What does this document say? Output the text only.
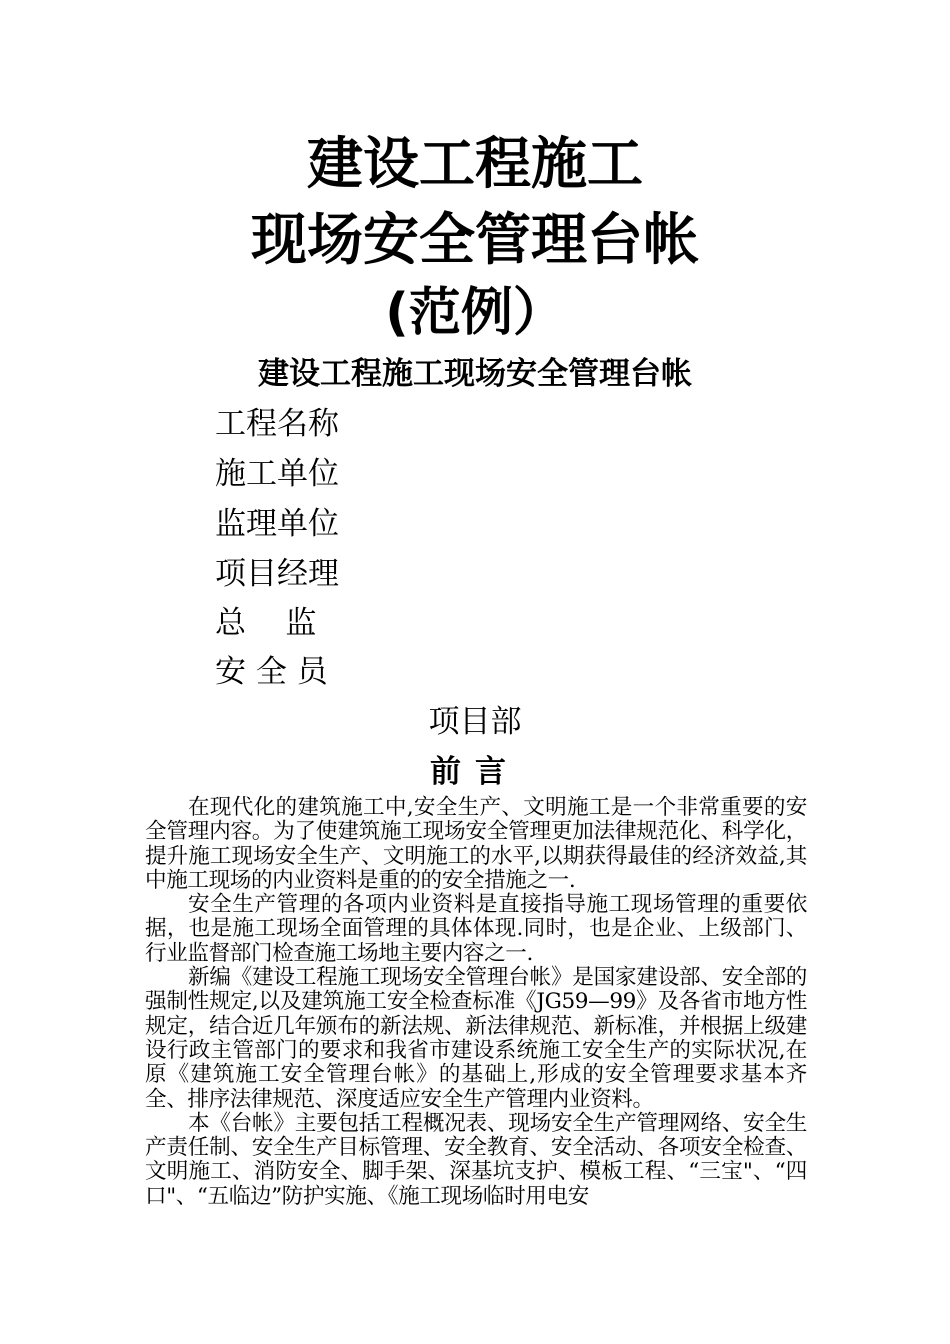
建设工程施工
现场安全管理台帐
(范例）
建设工程施工现场安全管理台帐
工程名称
施工单位
监理单位
项目经理
总    监
安 全 员
项目部
前言

在现代化的建筑施工中,安全生产、文明施工是一个非常重要的安全管理内容。为了使建筑施工现场安全管理更加法律规范化、科学化，提升施工现场安全生产、文明施工的水平,以期获得最佳的经济效益,其中施工现场的内业资料是重的的安全措施之一.

安全生产管理的各项内业资料是直接指导施工现场管理的重要依据，也是施工现场全面管理的具体体现.同时，也是企业、上级部门、行业监督部门检查施工场地主要内容之一.

新编《建设工程施工现场安全管理台帐》是国家建设部、安全部的强制性规定,以及建筑施工安全检查标准《JG59—99》及各省市地方性规定，结合近几年颁布的新法规、新法律规范、新标准，并根据上级建设行政主管部门的要求和我省市建设系统施工安全生产的实际状况,在原《建筑施工安全管理台帐》的基础上,形成的安全管理要求基本齐全、排序法律规范、深度适应安全生产管理内业资料。

本《台帐》主要包括工程概况表、现场安全生产管理网络、安全生产责任制、安全生产目标管理、安全教育、安全活动、各项安全检查、文明施工、消防安全、脚手架、深基坑支护、模板工程、“三宝"、“四口"、“五临边”防护实施、《施工现场临时用电安
